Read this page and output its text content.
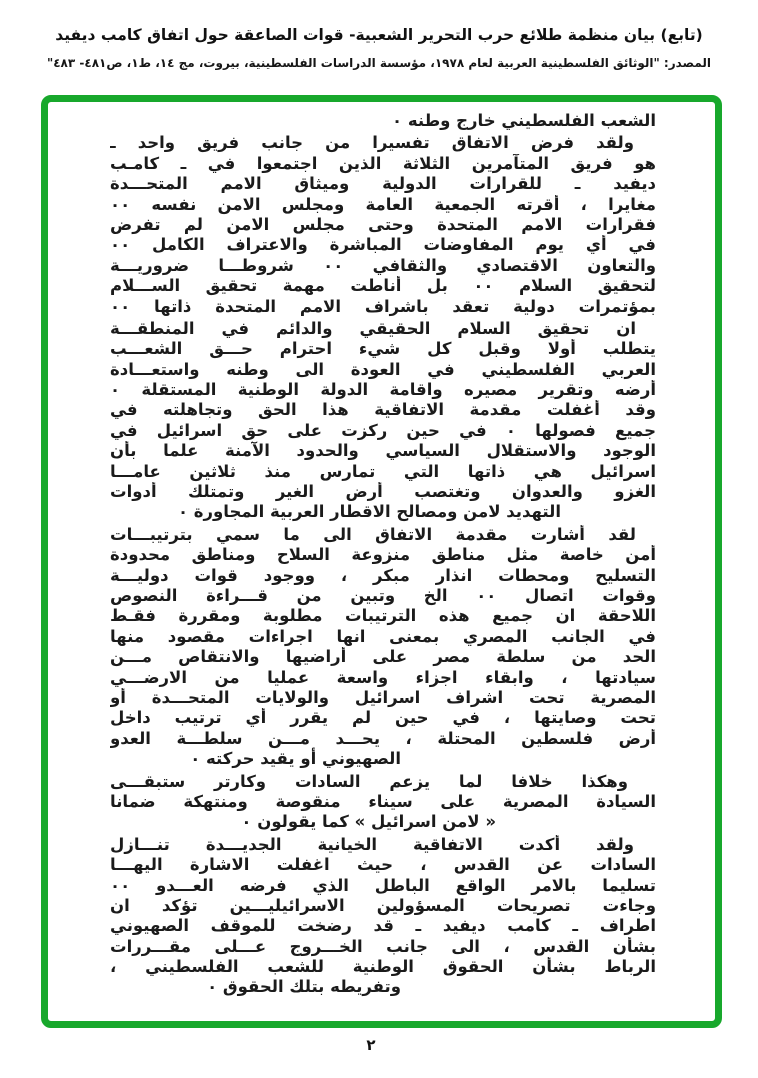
(تابع) بيان منظمة طلائع حرب التحرير الشعبية- قوات الصاعقة حول اتفاق كامب ديفيد
المصدر: "الوثائق الفلسطينية العربية لعام ١٩٧٨، مؤسسة الدراسات الفلسطينية، بيروت، مج ١٤، ط١، ص٤٨١- ٤٨٣"
الشعب الفلسطيني خارج وطنه ٠
ولقد فرض الاتفاق تفسيرا من جانب فريق واحد ـ
هو فريق المتآمرين الثلاثة الذين اجتمعوا في ـ كامـب
ديفيد ـ للقرارات الدولية وميثاق الامم المتحـــدة
مغايرا ، أقرته الجمعية العامة ومجلس الامن نفسه ٠٠
فقرارات الامم المتحدة وحتى مجلس الامن لم تفرض
في أي يوم المفاوضات المباشرة والاعتراف الكامل ٠٠
والتعاون الاقتصادي والثقافي ٠٠ شروطـــا ضروريـــة
لتحقيق السلام ٠٠ بل أناطت مهمة تحقيق الســـلام
بمؤتمرات دولية تعقد باشراف الامم المتحدة ذاتها ٠٠
ان تحقيق السلام الحقيقي والدائم في المنطقـــة
يتطلب أولا وقبل كل شيء احترام حـــق الشعـــب
العربي الفلسطيني في العودة الى وطنه واستعـــادة
أرضه وتقرير مصيره واقامة الدولة الوطنية المستقلة ٠
وقد أغفلت مقدمة الاتفاقية هذا الحق وتجاهلته في
جميع فصولها ٠ في حين ركزت على حق اسرائيل في
الوجود والاستقلال السياسي والحدود الآمنة علما بأن
اسرائيل هي ذاتها التي تمارس منذ ثلاثين عامـــا
الغزو والعدوان وتغتصب أرض الغير وتمتلك أدوات
التهديد لامن ومصالح الاقطار العربية المجاورة ٠
لقد أشارت مقدمة الاتفاق الى ما سمي بترتيبـــات
أمن خاصة مثل مناطق منزوعة السلاح ومناطق محدودة
التسليح ومحطات انذار مبكر ، ووجود قوات دوليـــة
وقوات اتصال ٠٠ الخ وتبين من قـــراءة النصوص
اللاحقة ان جميع هذه الترتيبات مطلوبة ومقررة فقـط
في الجانب المصري بمعنى انها اجراءات مقصود منها
الحد من سلطة مصر على أراضيها والانتقاص مـــن
سيادتها ، وابقاء اجزاء واسعة عمليا من الارضـــي
المصرية تحت اشراف اسرائيل والولايات المتحـــدة أو
تحت وصايتها ، في حين لم يقرر أي ترتيب داخل
أرض فلسطين المحتلة ، يحـــد مـــن سلطـــة العدو
الصهيوني أو يقيد حركته ٠
وهكذا خلافا لما يزعم السادات وكارتر ستبقـــى
السيادة المصرية على سيناء منقوصة ومنتهكة ضمانا
« لامن اسرائيل » كما يقولون ٠
ولقد أكدت الاتفاقية الخيانية الجديـــدة تنـــازل
السادات عن القدس ، حيث اغفلت الاشارة اليهـــا
تسليما بالامر الواقع الباطل الذي فرضه العـــدو ٠٠
وجاءت تصريحات المسؤولين الاسرائيليـــين تؤكد ان
اطراف ـ كامب ديفيد ـ قد رضخت للموقف الصهيوني
بشأن القدس ، الى جانب الخـــروج عـــلى مقـــررات
الرباط بشأن الحقوق الوطنية للشعب الفلسطيني ،
وتفريطه بتلك الحقوق ٠
٢
